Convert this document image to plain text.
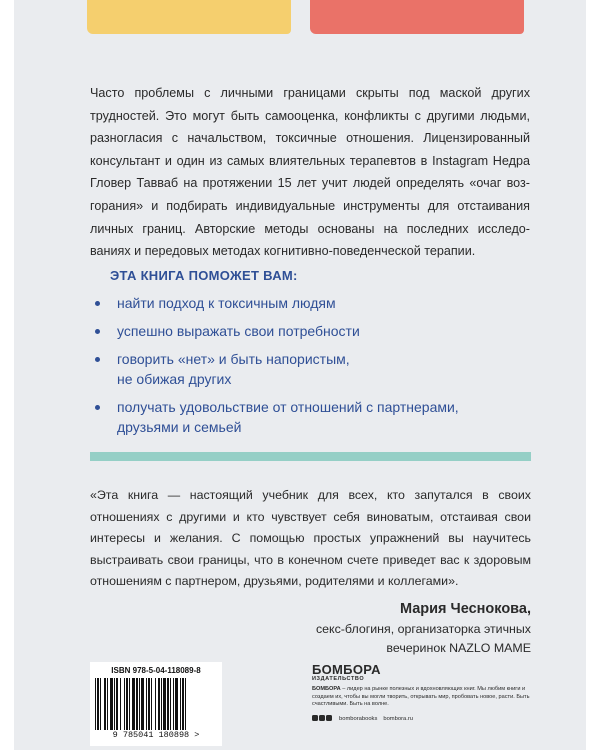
Часто проблемы с личными границами скрыты под маской других трудностей. Это могут быть самооценка, конфликты с другими людьми, разногласия с начальством, токсичные отношения. Лицензированный консультант и один из самых влиятельных терапевтов в Instagram Недра Гловер Тавваб на протяжении 15 лет учит людей определять «очаг воз-горания» и подбирать индивидуальные инструменты для отстаивания личных границ. Авторские методы основаны на последних исследо-ваниях и передовых методах когнитивно-поведенческой терапии.

ЭТА КНИГА ПОМОЖЕТ ВАМ:
найти подход к токсичным людям
успешно выражать свои потребности
говорить «нет» и быть напористым,
не обижая других
получать удовольствие от отношений с партнерами,
друзьями и семьей

«Эта книга — настоящий учебник для всех, кто запутался в своих отношениях с другими и кто чувствует себя виноватым, отстаивая свои интересы и желания. С помощью простых упражнений вы научитесь выстраивать свои границы, что в конечном счете приведет вас к здоровым отношениям с партнером, друзьями, родителями и коллегами».

Мария Чеснокова,
секс-блогиня, организаторка этичных
вечеринок NAZLO MAME
ISBN 978-5-04-118089-8
9 785041 180898 >
БОМБОРА
ИЗДАТЕЛЬСТВО
БОМБОРА – лидер на рынке полезных и вдохновляющих книг. Мы любим книги и создаем их, чтобы вы могли творить, открывать мир, пробовать новое, расти. Быть счастливыми. Быть на волне.
bomborabooks bombora.ru
